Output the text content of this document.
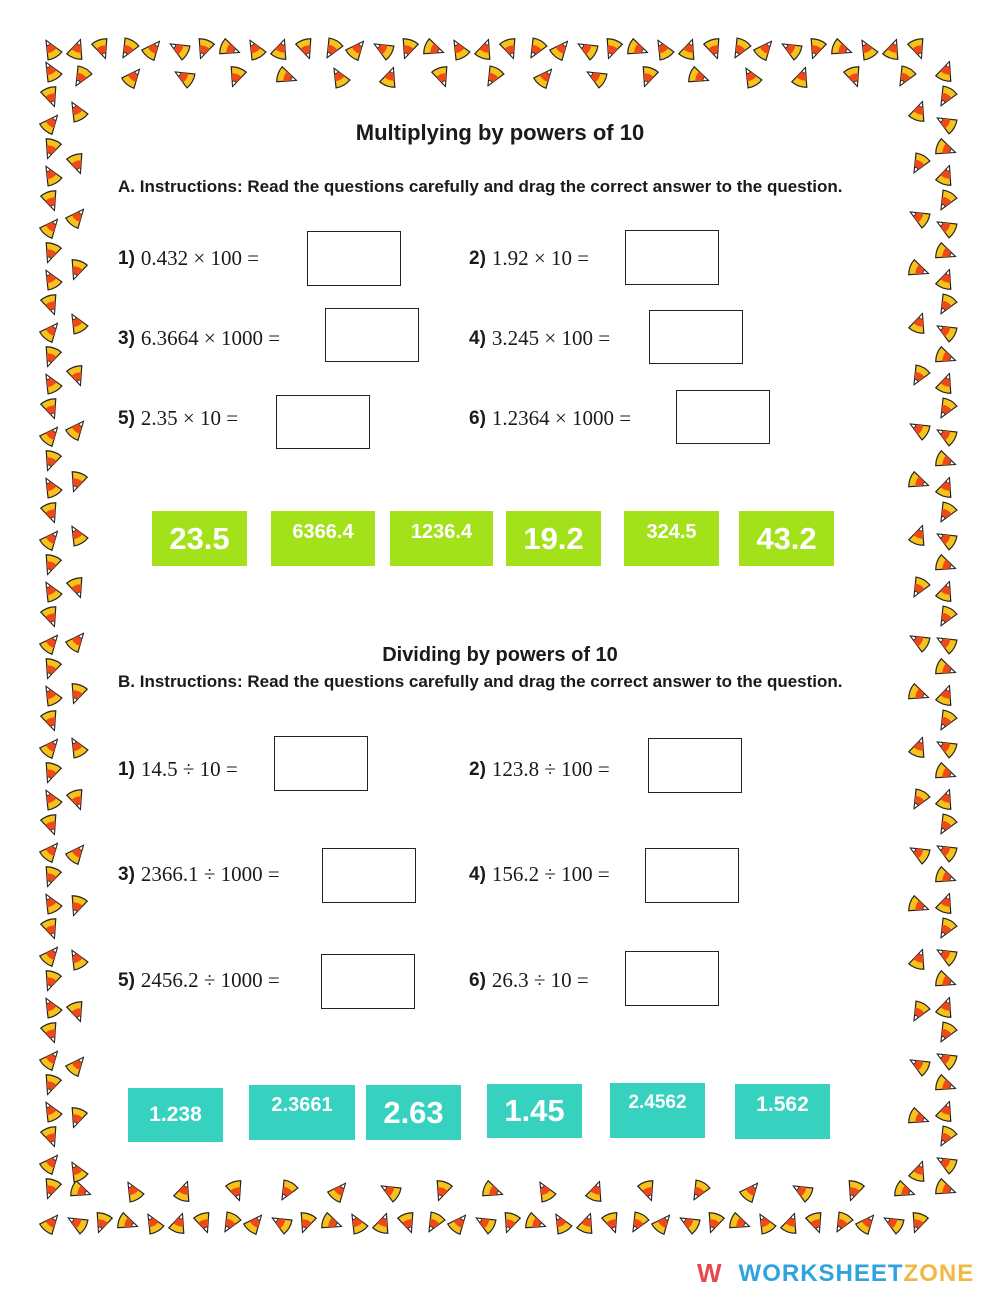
Multiplying by powers of 10
A. Instructions: Read the questions carefully and drag the correct answer to the question.
1) 0.432 × 100 =	2) 1.92 × 10 =
3) 6.3664 × 1000 =	4) 3.245 × 100 =
5) 2.35 × 10 =	6) 1.2364 × 1000 =
23.5	6366.4	1236.4	19.2	324.5	43.2
Dividing by powers of 10
B. Instructions: Read the questions carefully and drag the correct answer to the question.
1) 14.5 ÷ 10 =	2) 123.8 ÷ 100 =
3) 2366.1 ÷ 1000 =	4) 156.2 ÷ 100 =
5) 2456.2 ÷ 1000 =	6) 26.3 ÷ 10 =
1.238	2.3661	2.63	1.45	2.4562	1.562
W WORKSHEET ZONE
